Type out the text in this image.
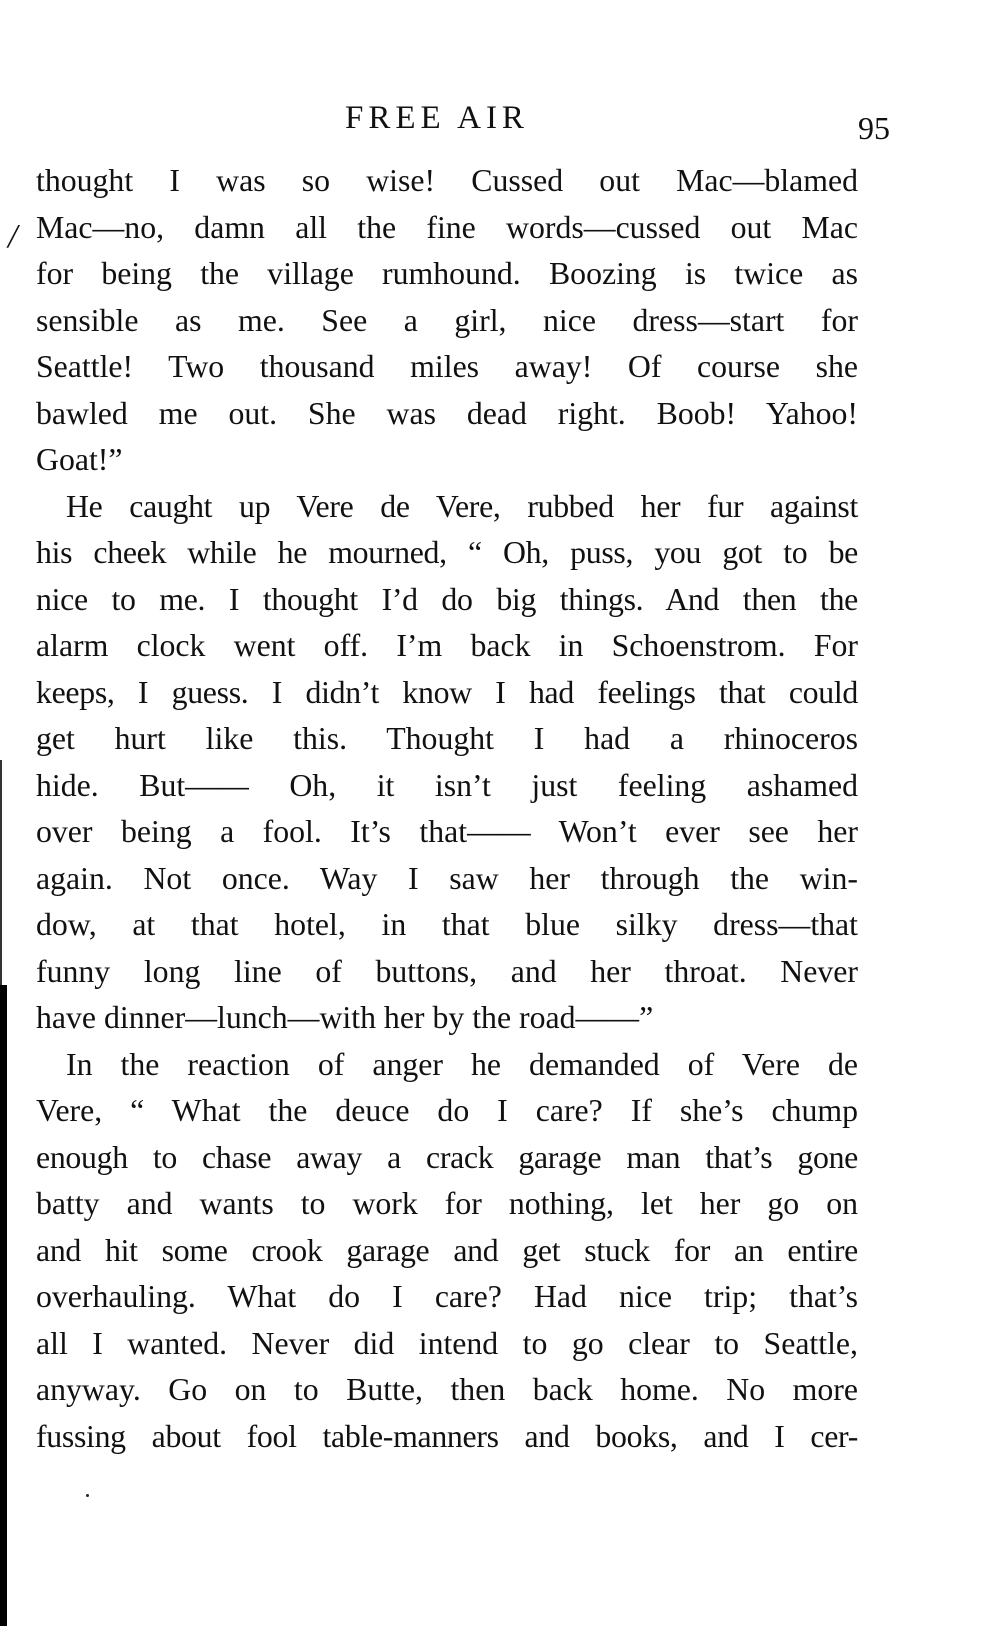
FREE AIR	95
/
thought I was so wise! Cussed out Mac—blamed
Mac—no, damn all the fine words—cussed out Mac
for being the village rumhound. Boozing is twice as
sensible as me. See a girl, nice dress—start for
Seattle! Two thousand miles away! Of course she
bawled me out. She was dead right. Boob! Yahoo!
Goat!”
He caught up Vere de Vere, rubbed her fur against
his cheek while he mourned, “ Oh, puss, you got to be
nice to me. I thought I’d do big things. And then the
alarm clock went off. I’m back in Schoenstrom. For
keeps, I guess. I didn’t know I had feelings that could
get hurt like this. Thought I had a rhinoceros
hide. But—— Oh, it isn’t just feeling ashamed
over being a fool. It’s that—— Won’t ever see her
again. Not once. Way I saw her through the win-
dow, at that hotel, in that blue silky dress—that
funny long line of buttons, and her throat. Never
have dinner—lunch—with her by the road——”
In the reaction of anger he demanded of Vere de
Vere, “ What the deuce do I care? If she’s chump
enough to chase away a crack garage man that’s gone
batty and wants to work for nothing, let her go on
and hit some crook garage and get stuck for an entire
overhauling. What do I care? Had nice trip; that’s
all I wanted. Never did intend to go clear to Seattle,
anyway. Go on to Butte, then back home. No more
fussing about fool table-manners and books, and I cer-
